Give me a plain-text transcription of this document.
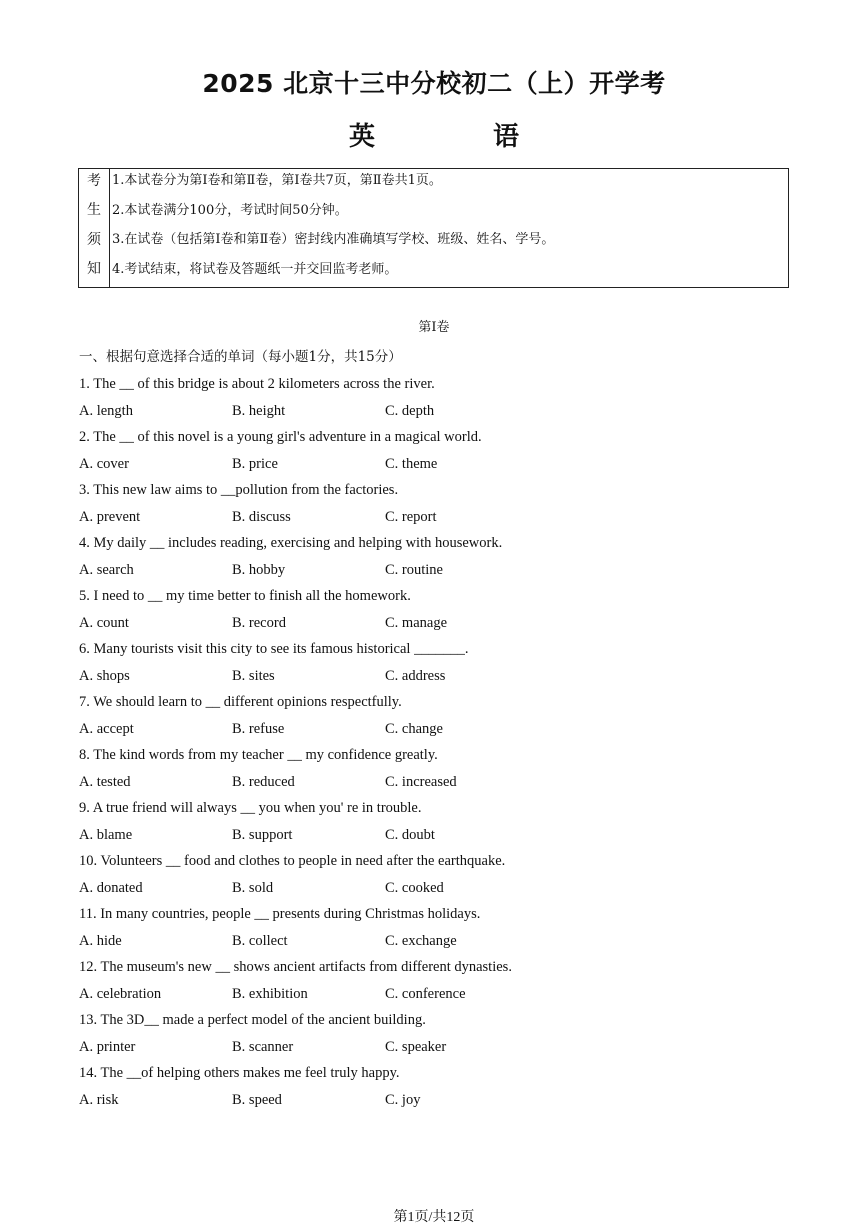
2025 北京十三中分校初二（上）开学考
英　语
考
生
须
知
1.本试卷分为第Ⅰ卷和第Ⅱ卷，第Ⅰ卷共7页，第Ⅱ卷共1页。
2.本试卷满分100分，考试时间50分钟。
3.在试卷（包括第Ⅰ卷和第Ⅱ卷）密封线内准确填写学校、班级、姓名、学号。
4.考试结束，将试卷及答题纸一并交回监考老师。
第Ⅰ卷
一、根据句意选择合适的单词（每小题1分，共15分）
1. The __ of this bridge is about 2 kilometers across the river.
A. length	B. height	C. depth
2. The __ of this novel is a young girl's adventure in a magical world.
A. cover	B. price	C. theme
3. This new law aims to __pollution from the factories.
A. prevent	B. discuss	C. report
4. My daily __ includes reading, exercising and helping with housework.
A. search	B. hobby	C. routine
5. I need to __ my time better to finish all the homework.
A. count	B. record	C. manage
6. Many tourists visit this city to see its famous historical _______.
A. shops	B. sites	C. address
7. We should learn to __ different opinions respectfully.
A. accept	B. refuse	C. change
8. The kind words from my teacher __ my confidence greatly.
A. tested	B. reduced	C. increased
9. A true friend will always __ you when you' re in trouble.
A. blame	B. support	C. doubt
10. Volunteers __ food and clothes to people in need after the earthquake.
A. donated	B. sold	C. cooked
11. In many countries, people __ presents during Christmas holidays.
A. hide	B. collect	C. exchange
12. The museum's new __ shows ancient artifacts from different dynasties.
A. celebration	B. exhibition	C. conference
13. The 3D__ made a perfect model of the ancient building.
A. printer	B. scanner	C. speaker
14. The __of helping others makes me feel truly happy.
A. risk	B. speed	C. joy
第1页/共12页
